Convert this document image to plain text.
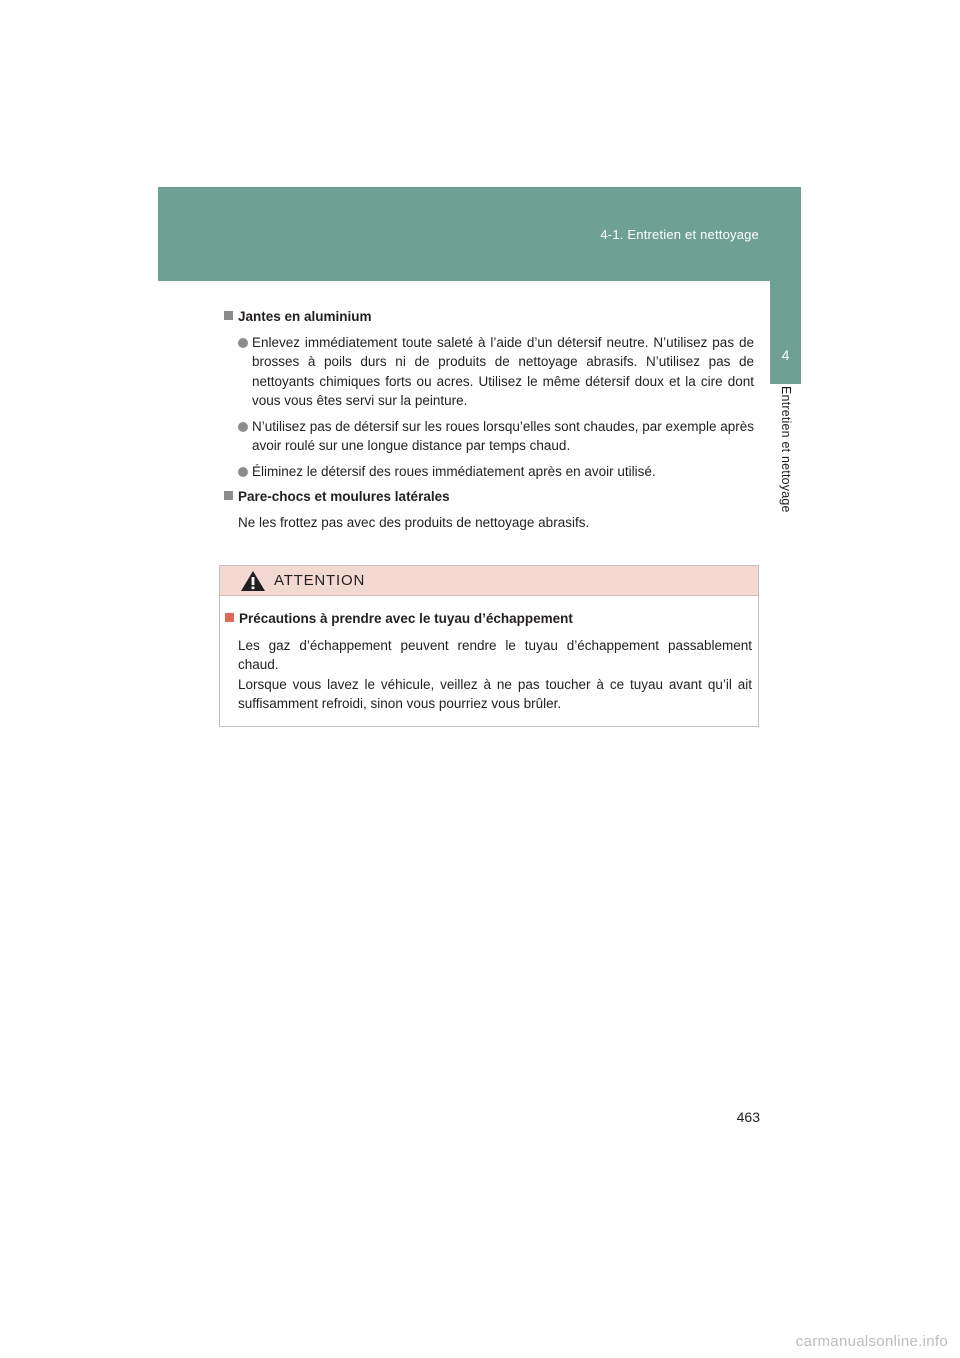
4-1. Entretien et nettoyage
4
Entretien et nettoyage
Jantes en aluminium
Enlevez immédiatement toute saleté à l’aide d’un détersif neutre. N’utilisez pas de brosses à poils durs ni de produits de nettoyage abrasifs. N’utilisez pas de nettoyants chimiques forts ou acres. Utilisez le même détersif doux et la cire dont vous vous êtes servi sur la peinture.
N’utilisez pas de détersif sur les roues lorsqu’elles sont chaudes, par exemple après avoir roulé sur une longue distance par temps chaud.
Éliminez le détersif des roues immédiatement après en avoir utilisé.
Pare-chocs et moulures latérales
Ne les frottez pas avec des produits de nettoyage abrasifs.
ATTENTION
Précautions à prendre avec le tuyau d’échappement
Les gaz d’échappement peuvent rendre le tuyau d’échappement passablement chaud.
Lorsque vous lavez le véhicule, veillez à ne pas toucher à ce tuyau avant qu’il ait suffisamment refroidi, sinon vous pourriez vous brûler.
463
carmanualsonline.info
